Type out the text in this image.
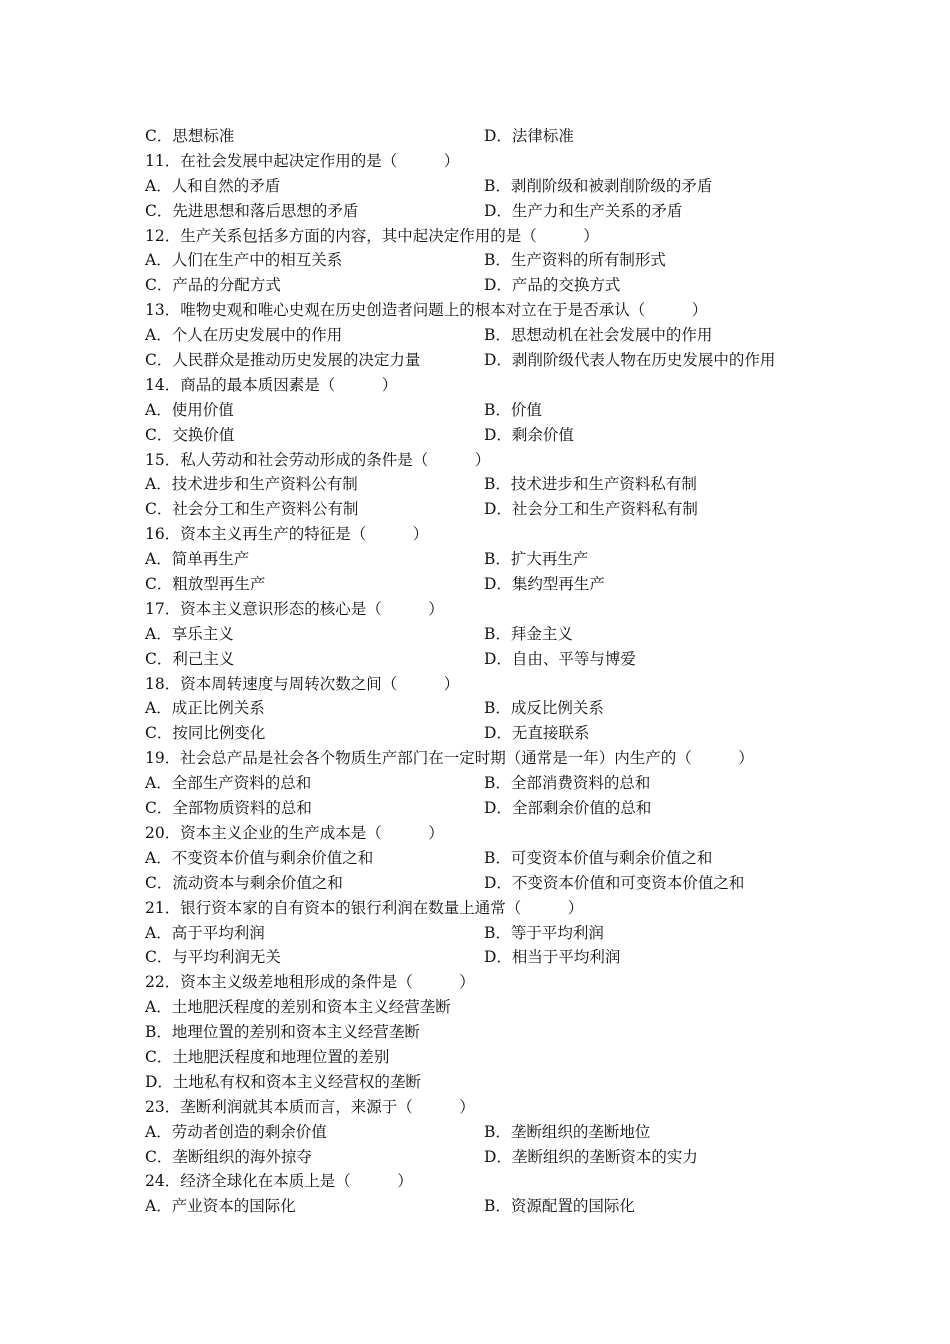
C．思想标准	D．法律标准
11．在社会发展中起决定作用的是（　　　）
A．人和自然的矛盾	B．剥削阶级和被剥削阶级的矛盾
C．先进思想和落后思想的矛盾	D．生产力和生产关系的矛盾
12．生产关系包括多方面的内容，其中起决定作用的是（　　　）
A．人们在生产中的相互关系	B．生产资料的所有制形式
C．产品的分配方式	D．产品的交换方式
13．唯物史观和唯心史观在历史创造者问题上的根本对立在于是否承认（　　　）
A．个人在历史发展中的作用	B．思想动机在社会发展中的作用
C．人民群众是推动历史发展的决定力量	D．剥削阶级代表人物在历史发展中的作用
14．商品的最本质因素是（　　　）
A．使用价值	B．价值
C．交换价值	D．剩余价值
15．私人劳动和社会劳动形成的条件是（　　　）
A．技术进步和生产资料公有制	B．技术进步和生产资料私有制
C．社会分工和生产资料公有制	D．社会分工和生产资料私有制
16．资本主义再生产的特征是（　　　）
A．简单再生产	B．扩大再生产
C．粗放型再生产	D．集约型再生产
17．资本主义意识形态的核心是（　　　）
A．享乐主义	B．拜金主义
C．利己主义	D．自由、平等与博爱
18．资本周转速度与周转次数之间（　　　）
A．成正比例关系	B．成反比例关系
C．按同比例变化	D．无直接联系
19．社会总产品是社会各个物质生产部门在一定时期（通常是一年）内生产的（　　　）
A．全部生产资料的总和	B．全部消费资料的总和
C．全部物质资料的总和	D．全部剩余价值的总和
20．资本主义企业的生产成本是（　　　）
A．不变资本价值与剩余价值之和	B．可变资本价值与剩余价值之和
C．流动资本与剩余价值之和	D．不变资本价值和可变资本价值之和
21．银行资本家的自有资本的银行利润在数量上通常（　　　）
A．高于平均利润	B．等于平均利润
C．与平均利润无关	D．相当于平均利润
22．资本主义级差地租形成的条件是（　　　）
A．土地肥沃程度的差别和资本主义经营垄断
B．地理位置的差别和资本主义经营垄断
C．土地肥沃程度和地理位置的差别
D．土地私有权和资本主义经营权的垄断
23．垄断利润就其本质而言，来源于（　　　）
A．劳动者创造的剩余价值	B．垄断组织的垄断地位
C．垄断组织的海外掠夺	D．垄断组织的垄断资本的实力
24．经济全球化在本质上是（　　　）
A．产业资本的国际化	B．资源配置的国际化
